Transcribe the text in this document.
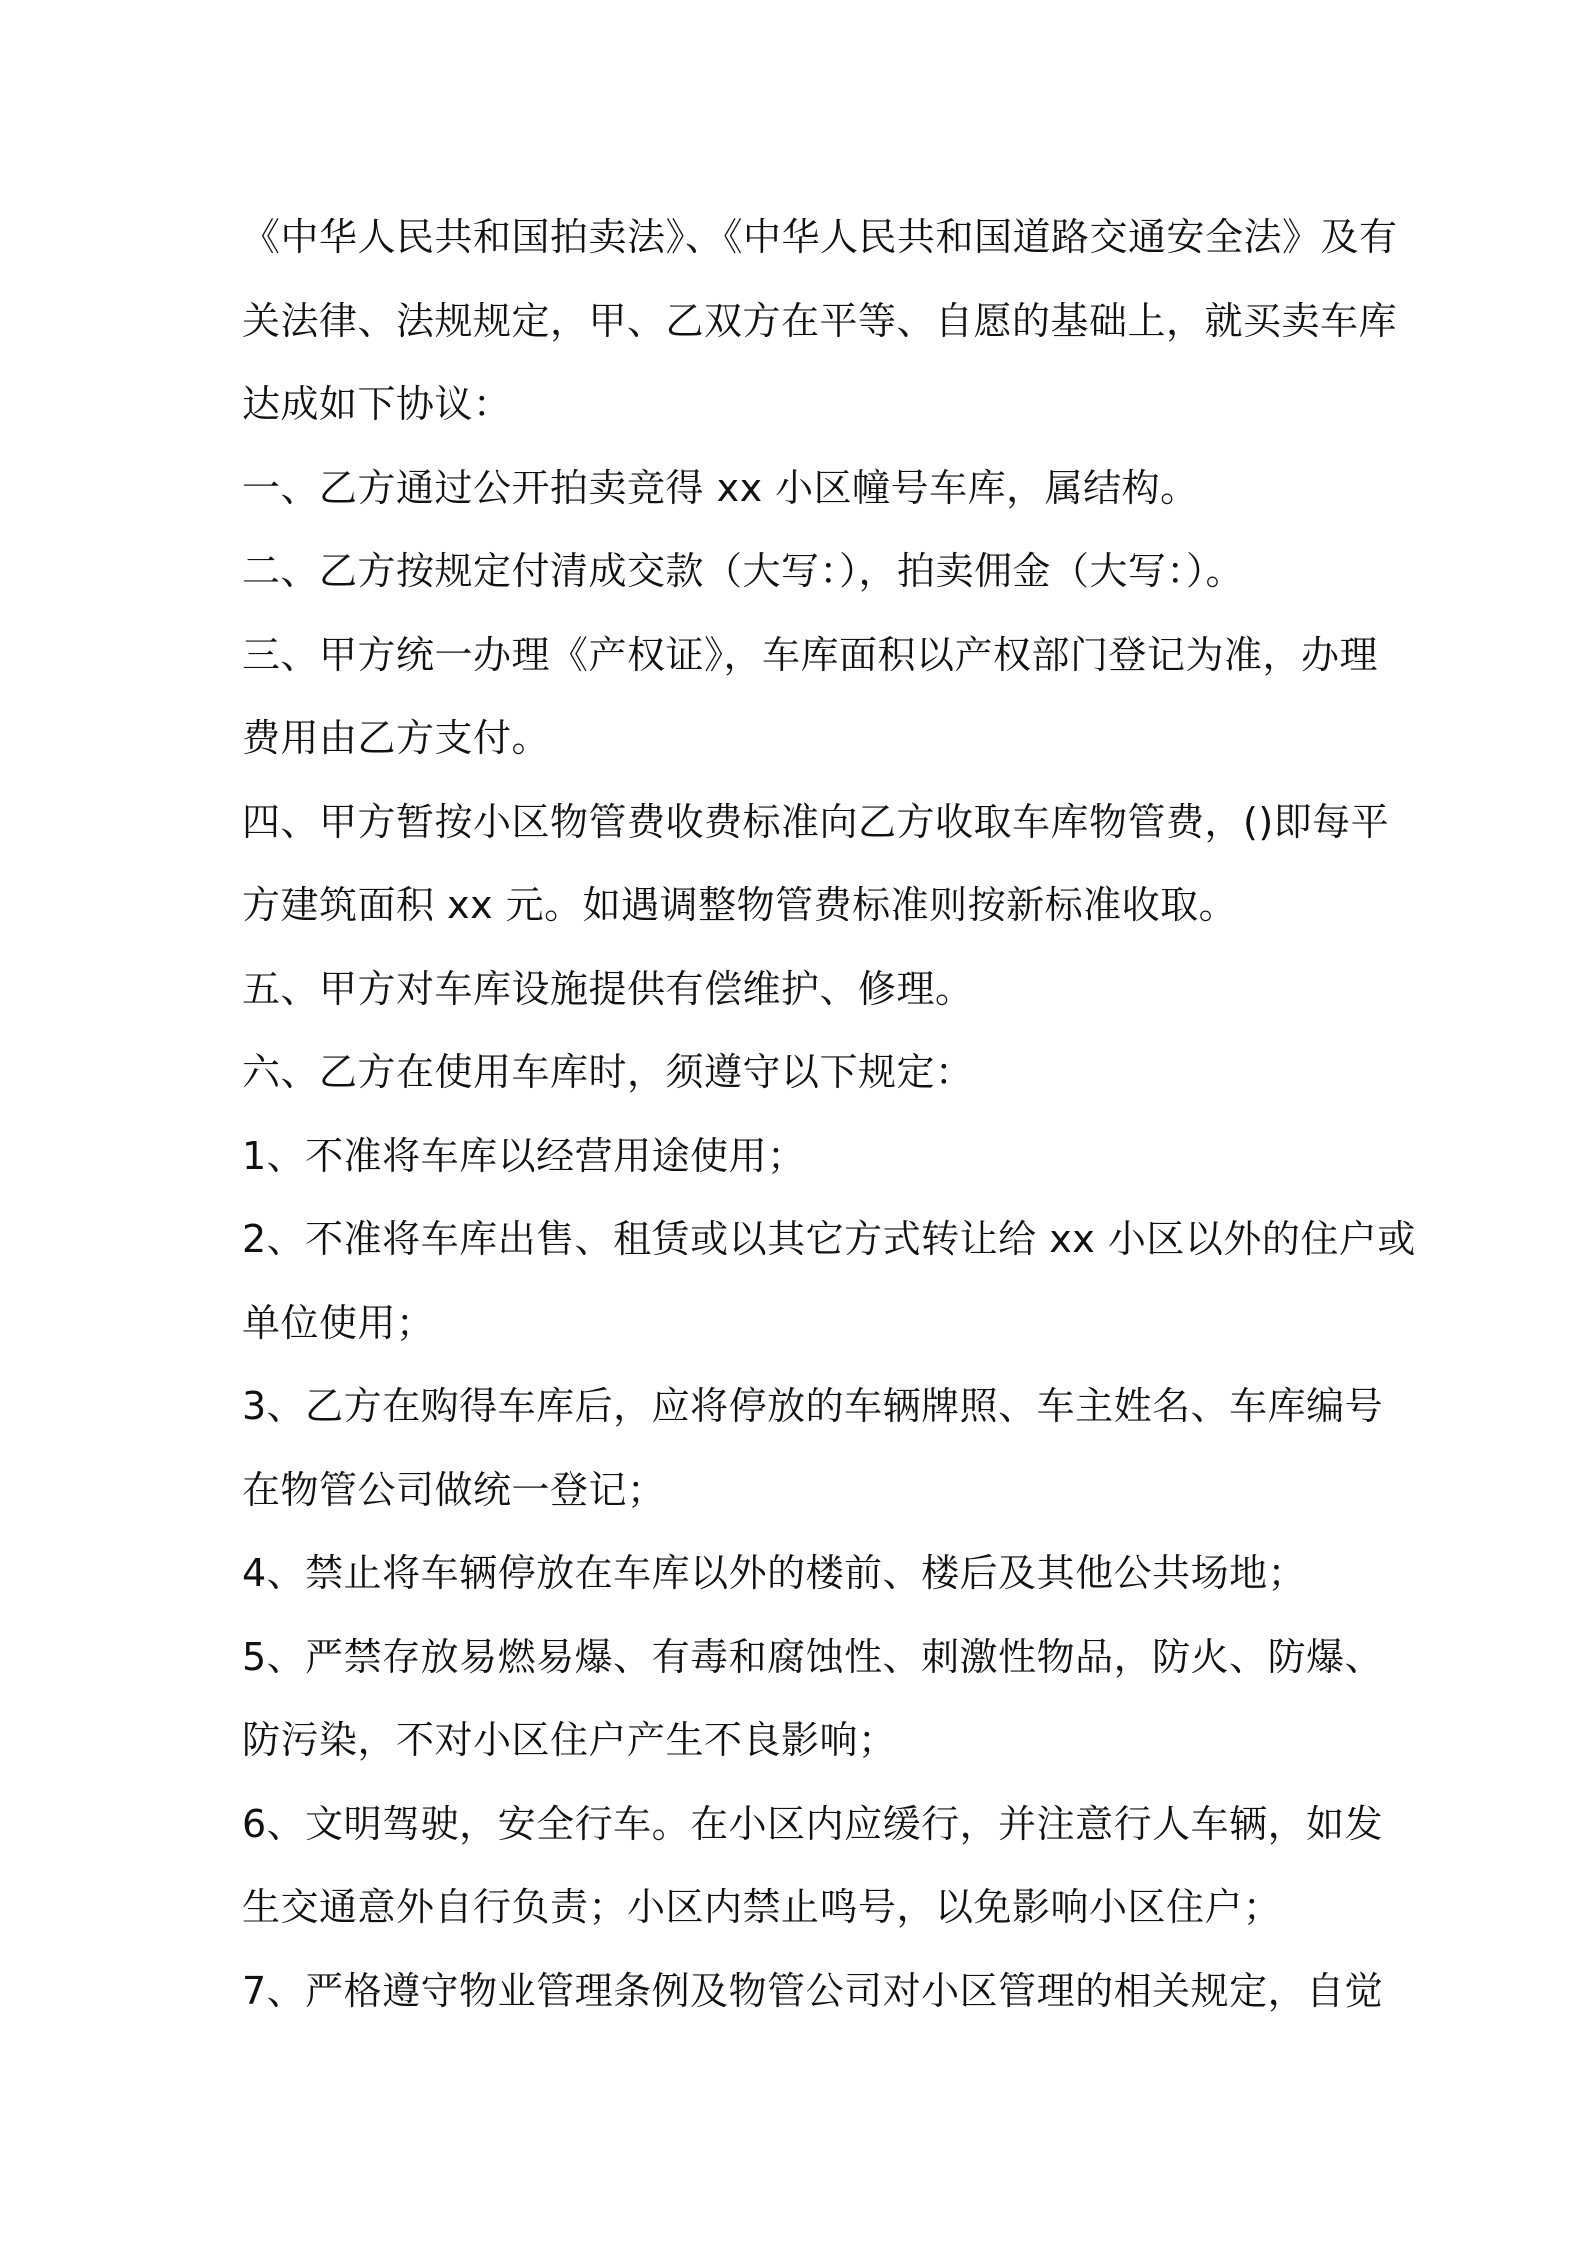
《中华人民共和国拍卖法》、《中华人民共和国道路交通安全法》及有
关法律、法规规定，甲、乙双方在平等、自愿的基础上，就买卖车库
达成如下协议：
一、乙方通过公开拍卖竞得 xx 小区幢号车库，属结构。
二、乙方按规定付清成交款（大写：），拍卖佣金（大写：）。
三、甲方统一办理《产权证》，车库面积以产权部门登记为准，办理
费用由乙方支付。
四、甲方暂按小区物管费收费标准向乙方收取车库物管费，()即每平
方建筑面积 xx 元。如遇调整物管费标准则按新标准收取。
五、甲方对车库设施提供有偿维护、修理。
六、乙方在使用车库时，须遵守以下规定：
1、不准将车库以经营用途使用；
2、不准将车库出售、租赁或以其它方式转让给 xx 小区以外的住户或
单位使用；
3、乙方在购得车库后，应将停放的车辆牌照、车主姓名、车库编号
在物管公司做统一登记；
4、禁止将车辆停放在车库以外的楼前、楼后及其他公共场地；
5、严禁存放易燃易爆、有毒和腐蚀性、刺激性物品，防火、防爆、
防污染，不对小区住户产生不良影响；
6、文明驾驶，安全行车。在小区内应缓行，并注意行人车辆，如发
生交通意外自行负责；小区内禁止鸣号，以免影响小区住户；
7、严格遵守物业管理条例及物管公司对小区管理的相关规定，自觉
